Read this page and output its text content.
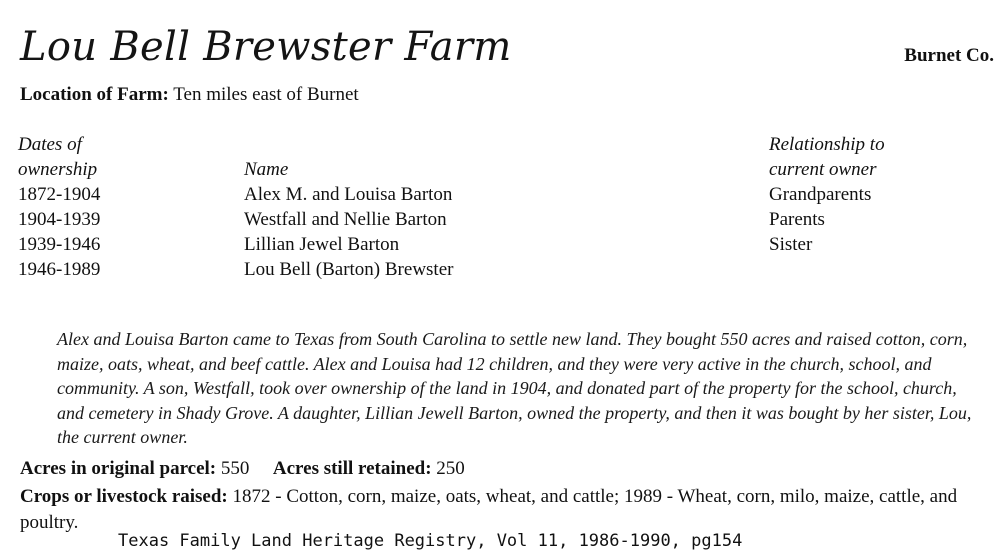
Lou Bell Brewster Farm	Burnet Co.
Location of Farm: Ten miles east of Burnet
Dates of
ownership	Name
Relationship to
current owner
1872-1904	Alex M. and Louisa Barton	Grandparents
1904-1939	Westfall and Nellie Barton	Parents
1939-1946	Lillian Jewel Barton	Sister
1946-1989	Lou Bell (Barton) Brewster

Alex and Louisa Barton came to Texas from South Carolina to settle new land. They bought 550 acres and raised cotton, corn, maize, oats, wheat, and beef cattle. Alex and Louisa had 12 children, and they were very active in the church, school, and community. A son, Westfall, took over ownership of the land in 1904, and donated part of the property for the school, church, and cemetery in Shady Grove. A daughter, Lillian Jewell Barton, owned the property, and then it was bought by her sister, Lou, the current owner.

Acres in original parcel: 550 Acres still retained: 250
Crops or livestock raised: 1872 - Cotton, corn, maize, oats, wheat, and cattle; 1989 - Wheat, corn, milo, maize, cattle, and poultry.
Texas Family Land Heritage Registry, Vol 11, 1986-1990, pg154
